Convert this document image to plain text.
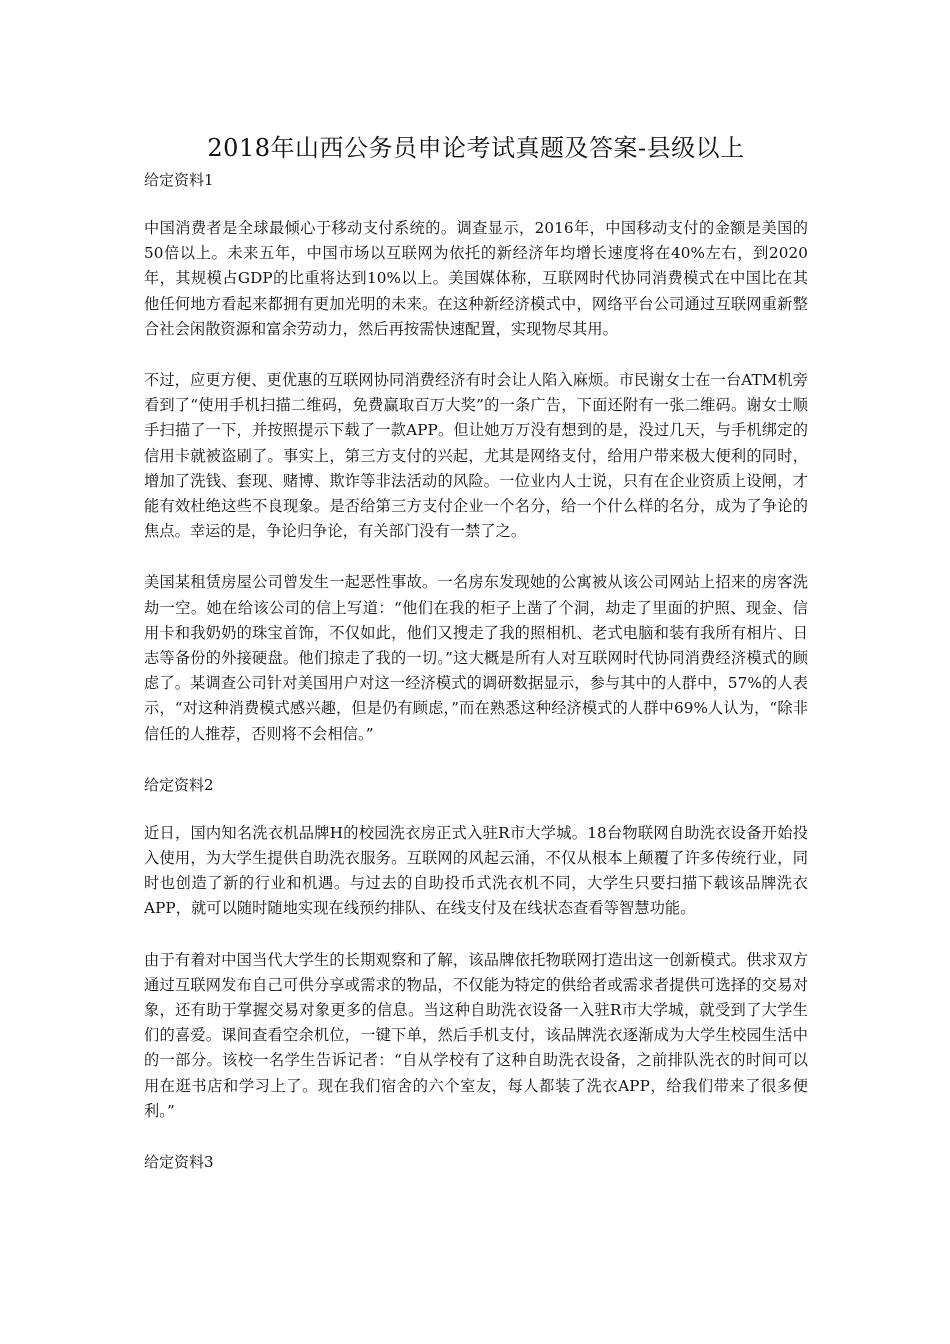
2018年山西公务员申论考试真题及答案-县级以上

给定资料1

中国消费者是全球最倾心于移动支付系统的。调查显示，2016年，中国移动支付的金额是美国的50倍以上。未来五年，中国市场以互联网为依托的新经济年均增长速度将在40%左右，到2020年，其规模占GDP的比重将达到10%以上。美国媒体称，互联网时代协同消费模式在中国比在其他任何地方看起来都拥有更加光明的未来。在这种新经济模式中，网络平台公司通过互联网重新整合社会闲散资源和富余劳动力，然后再按需快速配置，实现物尽其用。

不过，应更方便、更优惠的互联网协同消费经济有时会让人陷入麻烦。市民谢女士在一台ATM机旁看到了“使用手机扫描二维码，免费赢取百万大奖”的一条广告，下面还附有一张二维码。谢女士顺手扫描了一下，并按照提示下载了一款APP。但让她万万没有想到的是，没过几天，与手机绑定的信用卡就被盗刷了。事实上，第三方支付的兴起，尤其是网络支付，给用户带来极大便利的同时，增加了洗钱、套现、赌博、欺诈等非法活动的风险。一位业内人士说，只有在企业资质上设闸，才能有效杜绝这些不良现象。是否给第三方支付企业一个名分，给一个什么样的名分，成为了争论的焦点。幸运的是，争论归争论，有关部门没有一禁了之。

美国某租赁房屋公司曾发生一起恶性事故。一名房东发现她的公寓被从该公司网站上招来的房客洗劫一空。她在给该公司的信上写道：“他们在我的柜子上凿了个洞，劫走了里面的护照、现金、信用卡和我奶奶的珠宝首饰，不仅如此，他们又搜走了我的照相机、老式电脑和装有我所有相片、日志等备份的外接硬盘。他们掠走了我的一切。”这大概是所有人对互联网时代协同消费经济模式的顾虑了。某调查公司针对美国用户对这一经济模式的调研数据显示，参与其中的人群中，57%的人表示，“对这种消费模式感兴趣，但是仍有顾虑，”而在熟悉这种经济模式的人群中69%人认为，“除非信任的人推荐，否则将不会相信。”

给定资料2

近日，国内知名洗衣机品牌H的校园洗衣房正式入驻R市大学城。18台物联网自助洗衣设备开始投入使用，为大学生提供自助洗衣服务。互联网的风起云涌，不仅从根本上颠覆了许多传统行业，同时也创造了新的行业和机遇。与过去的自助投币式洗衣机不同，大学生只要扫描下载该品牌洗衣APP，就可以随时随地实现在线预约排队、在线支付及在线状态查看等智慧功能。

由于有着对中国当代大学生的长期观察和了解，该品牌依托物联网打造出这一创新模式。供求双方通过互联网发布自己可供分享或需求的物品，不仅能为特定的供给者或需求者提供可选择的交易对象，还有助于掌握交易对象更多的信息。当这种自助洗衣设备一入驻R市大学城，就受到了大学生们的喜爱。课间查看空余机位，一键下单，然后手机支付，该品牌洗衣逐渐成为大学生校园生活中的一部分。该校一名学生告诉记者：“自从学校有了这种自助洗衣设备，之前排队洗衣的时间可以用在逛书店和学习上了。现在我们宿舍的六个室友，每人都装了洗衣APP，给我们带来了很多便利。”

给定资料3
